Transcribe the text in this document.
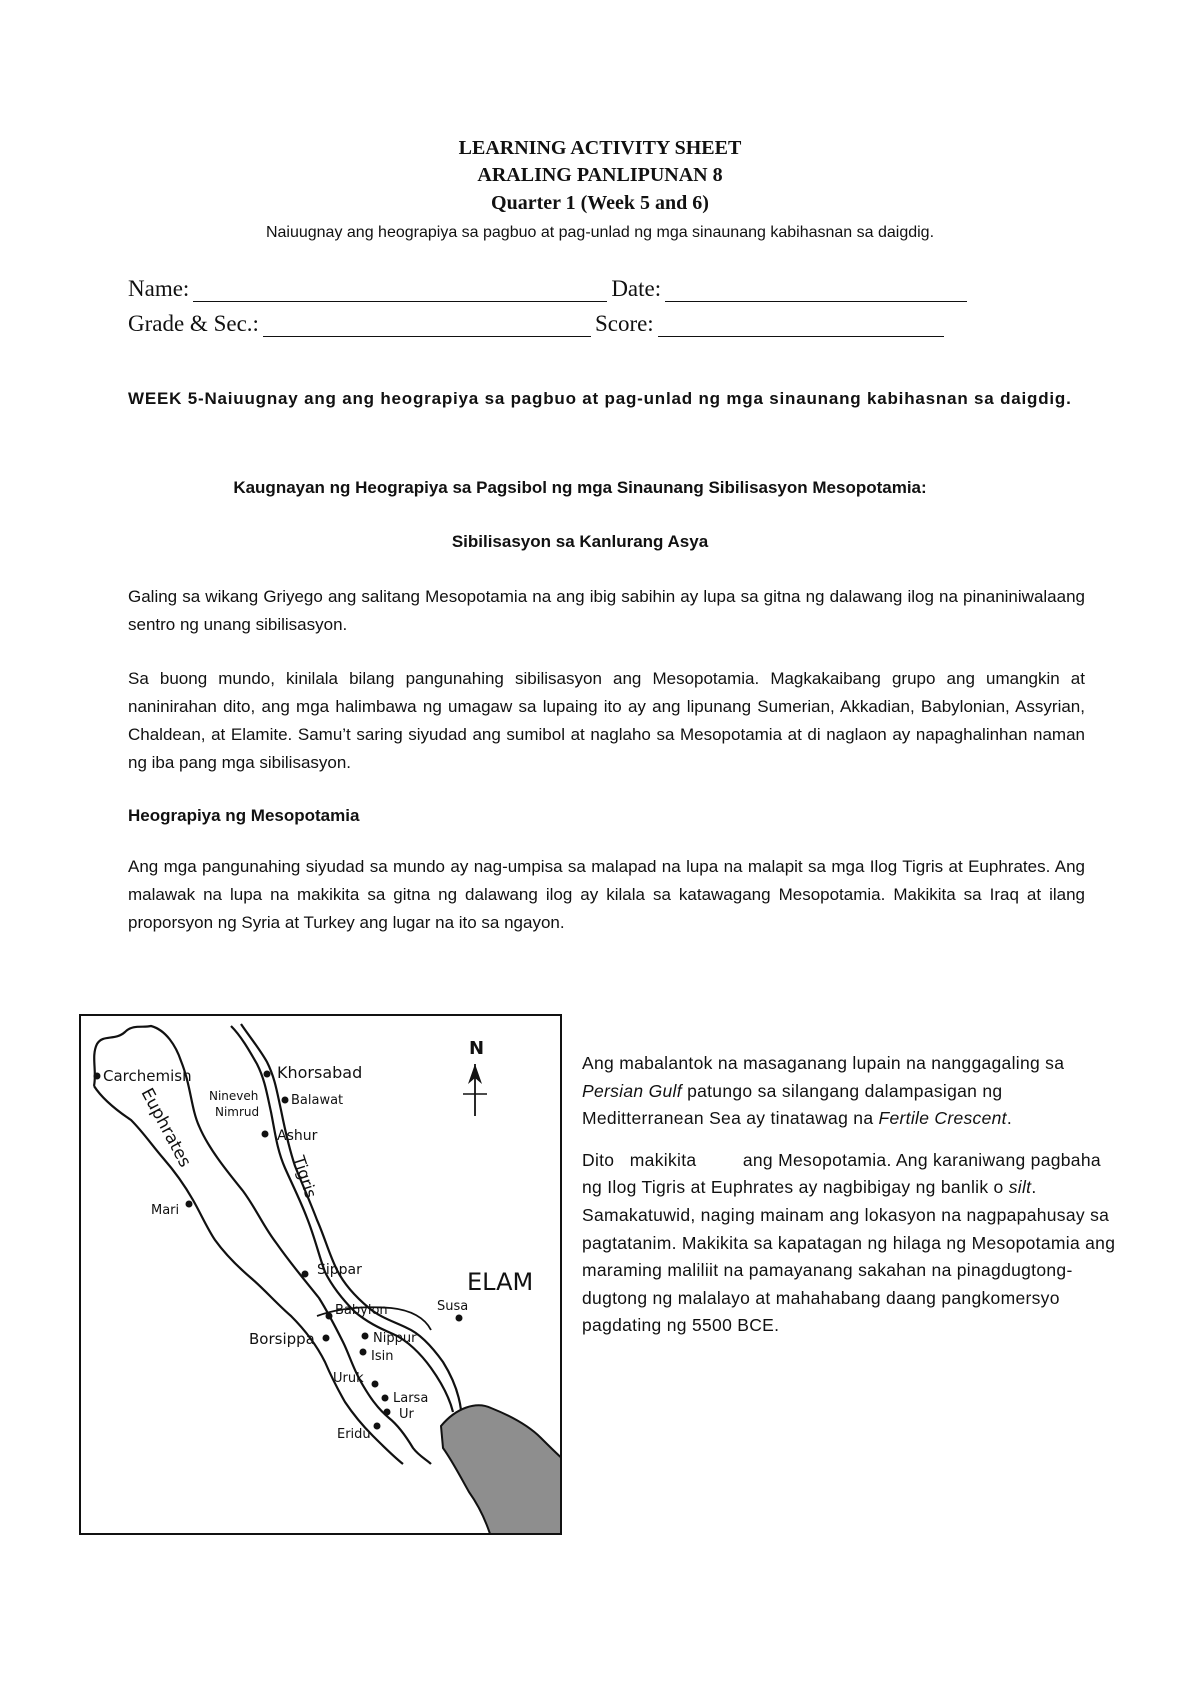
LEARNING ACTIVITY SHEET
ARALING PANLIPUNAN 8
Quarter 1 (Week 5 and 6)
Naiuugnay ang heograpiya sa pagbuo at pag-unlad ng mga sinaunang kabihasnan sa daigdig.
Name:	Date:
Grade & Sec.:	Score:
WEEK 5-Naiuugnay ang ang heograpiya sa pagbuo at pag-unlad ng mga sinaunang kabihasnan sa daigdig.
Kaugnayan ng Heograpiya sa Pagsibol ng mga Sinaunang Sibilisasyon Mesopotamia:
Sibilisasyon sa Kanlurang Asya
Galing sa wikang Griyego ang salitang Mesopotamia na ang ibig sabihin ay lupa sa gitna ng dalawang ilog na pinaniniwalaang sentro ng unang sibilisasyon.
Sa buong mundo, kinilala bilang pangunahing sibilisasyon ang Mesopotamia. Magkakaibang grupo ang umangkin at naninirahan dito, ang mga halimbawa ng umagaw sa lupaing ito ay ang lipunang Sumerian, Akkadian, Babylonian, Assyrian, Chaldean, at Elamite. Samu’t saring siyudad ang sumibol at naglaho sa Mesopotamia at di naglaon ay napaghalinhan naman ng iba pang mga sibilisasyon.
Heograpiya ng Mesopotamia
Ang mga pangunahing siyudad sa mundo ay nag-umpisa sa malapad na lupa na malapit sa mga Ilog Tigris at Euphrates. Ang malawak na lupa na makikita sa gitna ng dalawang ilog ay kilala sa katawagang Mesopotamia. Makikita sa Iraq at ilang proporsyon ng Syria at Turkey ang lugar na ito sa ngayon.
N
Euphrates
Tigris
ELAM
Carchemish	Khorsabad
Nineveh
Nimrud
Balawat
Ashur
Mari
Sippar
Babylon	Susa
Borsippa	Nippur
Isin
Uruk
Larsa
Ur
Eridu

Ang mabalantok na masaganang lupain na nanggagaling sa Persian Gulf patungo sa silangang dalampasigan ng Meditterranean Sea ay tinatawag na Fertile Crescent.

Dito   makikita         ang Mesopotamia. Ang karaniwang pagbaha ng Ilog Tigris at Euphrates ay nagbibigay ng banlik o silt. Samakatuwid, naging mainam ang lokasyon na nagpapahusay sa pagtatanim. Makikita sa kapatagan ng hilaga ng Mesopotamia ang maraming maliliit na pamayanang sakahan na pinagdugtong-dugtong ng malalayo at mahahabang daang pangkomersyo pagdating ng 5500 BCE.
